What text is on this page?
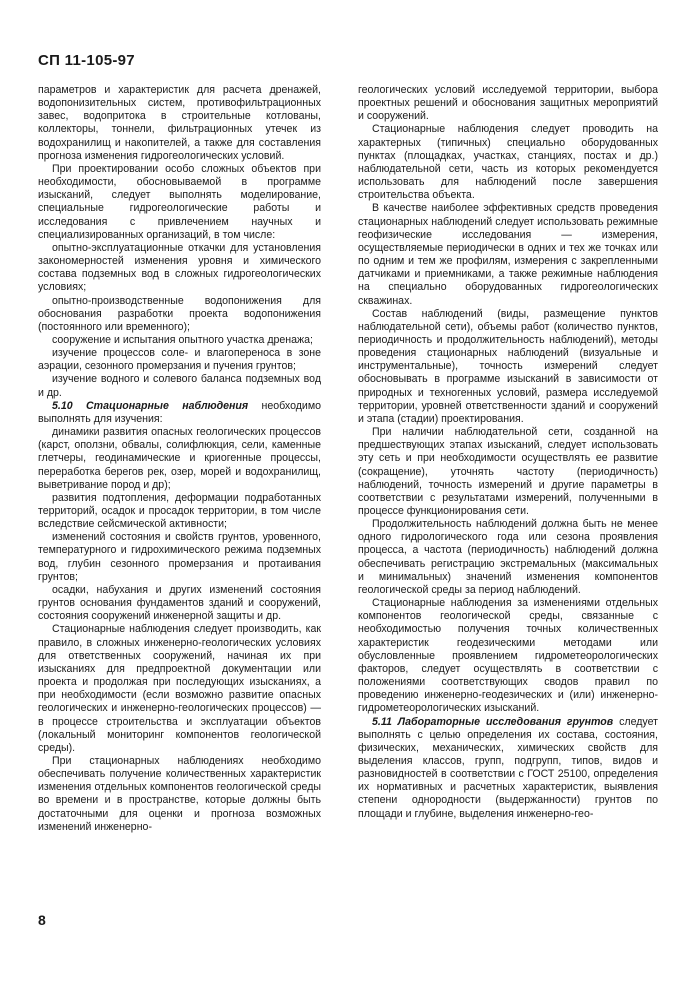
СП 11-105-97

параметров и характеристик для расчета дренажей, водопонизительных систем, противофильтрационных завес, водопритока в строительные котлованы, коллекторы, тоннели, фильтрационных утечек из водохранилищ и накопителей, а также для составления прогноза изменения гидрогеологических условий.

При проектировании особо сложных объектов при необходимости, обосновываемой в программе изысканий, следует выполнять моделирование, специальные гидрогеологические работы и исследования с привлечением научных и специализированных организаций, в том числе:

опытно-эксплуатационные откачки для установления закономерностей изменения уровня и химического состава подземных вод в сложных гидрогеологических условиях;

опытно-производственные водопонижения для обоснования разработки проекта водопонижения (постоянного или временного);

сооружение и испытания опытного участка дренажа;

изучение процессов соле- и влагопереноса в зоне аэрации, сезонного промерзания и пучения грунтов;

изучение водного и солевого баланса подземных вод и др.

5.10 Стационарные наблюдения необходимо выполнять для изучения:

динамики развития опасных геологических процессов (карст, оползни, обвалы, солифлюкция, сели, каменные глетчеры, геодинамические и криогенные процессы, переработка берегов рек, озер, морей и водохранилищ, выветривание пород и др);

развития подтопления, деформации подработанных территорий, осадок и просадок территории, в том числе вследствие сейсмической активности;

изменений состояния и свойств грунтов, уровенного, температурного и гидрохимического режима подземных вод, глубин сезонного промерзания и протаивания грунтов;

осадки, набухания и других изменений состояния грунтов основания фундаментов зданий и сооружений, состояния сооружений инженерной защиты и др.

Стационарные наблюдения следует производить, как правило, в сложных инженерно-геологических условиях для ответственных сооружений, начиная их при изысканиях для предпроектной документации или проекта и продолжая при последующих изысканиях, а при необходимости (если возможно развитие опасных геологических и инженерно-геологических процессов) — в процессе строительства и эксплуатации объектов (локальный мониторинг компонентов геологической среды).

При стационарных наблюдениях необходимо обеспечивать получение количественных характеристик изменения отдельных компонентов геологической среды во времени и в пространстве, которые должны быть достаточными для оценки и прогноза возможных изменений инженерно-

геологических условий исследуемой территории, выбора проектных решений и обоснования защитных мероприятий и сооружений.

Стационарные наблюдения следует проводить на характерных (типичных) специально оборудованных пунктах (площадках, участках, станциях, постах и др.) наблюдательной сети, часть из которых рекомендуется использовать для наблюдений после завершения строительства объекта.

В качестве наиболее эффективных средств проведения стационарных наблюдений следует использовать режимные геофизические исследования — измерения, осуществляемые периодически в одних и тех же точках или по одним и тем же профилям, измерения с закрепленными датчиками и приемниками, а также режимные наблюдения на специально оборудованных гидрогеологических скважинах.

Состав наблюдений (виды, размещение пунктов наблюдательной сети), объемы работ (количество пунктов, периодичность и продолжительность наблюдений), методы проведения стационарных наблюдений (визуальные и инструментальные), точность измерений следует обосновывать в программе изысканий в зависимости от природных и техногенных условий, размера исследуемой территории, уровней ответственности зданий и сооружений и этапа (стадии) проектирования.

При наличии наблюдательной сети, созданной на предшествующих этапах изысканий, следует использовать эту сеть и при необходимости осуществлять ее развитие (сокращение), уточнять частоту (периодичность) наблюдений, точность измерений и другие параметры в соответствии с результатами измерений, полученными в процессе функционирования сети.

Продолжительность наблюдений должна быть не менее одного гидрологического года или сезона проявления процесса, а частота (периодичность) наблюдений должна обеспечивать регистрацию экстремальных (максимальных и минимальных) значений изменения компонентов геологической среды за период наблюдений.

Стационарные наблюдения за изменениями отдельных компонентов геологической среды, связанные с необходимостью получения точных количественных характеристик геодезическими методами или обусловленные проявлением гидрометеорологических факторов, следует осуществлять в соответствии с положениями соответствующих сводов правил по проведению инженерно-геодезических и (или) инженерно-гидрометеорологических изысканий.

5.11 Лабораторные исследования грунтов следует выполнять с целью определения их состава, состояния, физических, механических, химических свойств для выделения классов, групп, подгрупп, типов, видов и разновидностей в соответствии с ГОСТ 25100, определения их нормативных и расчетных характеристик, выявления степени однородности (выдержанности) грунтов по площади и глубине, выделения инженерно-гео-

8
